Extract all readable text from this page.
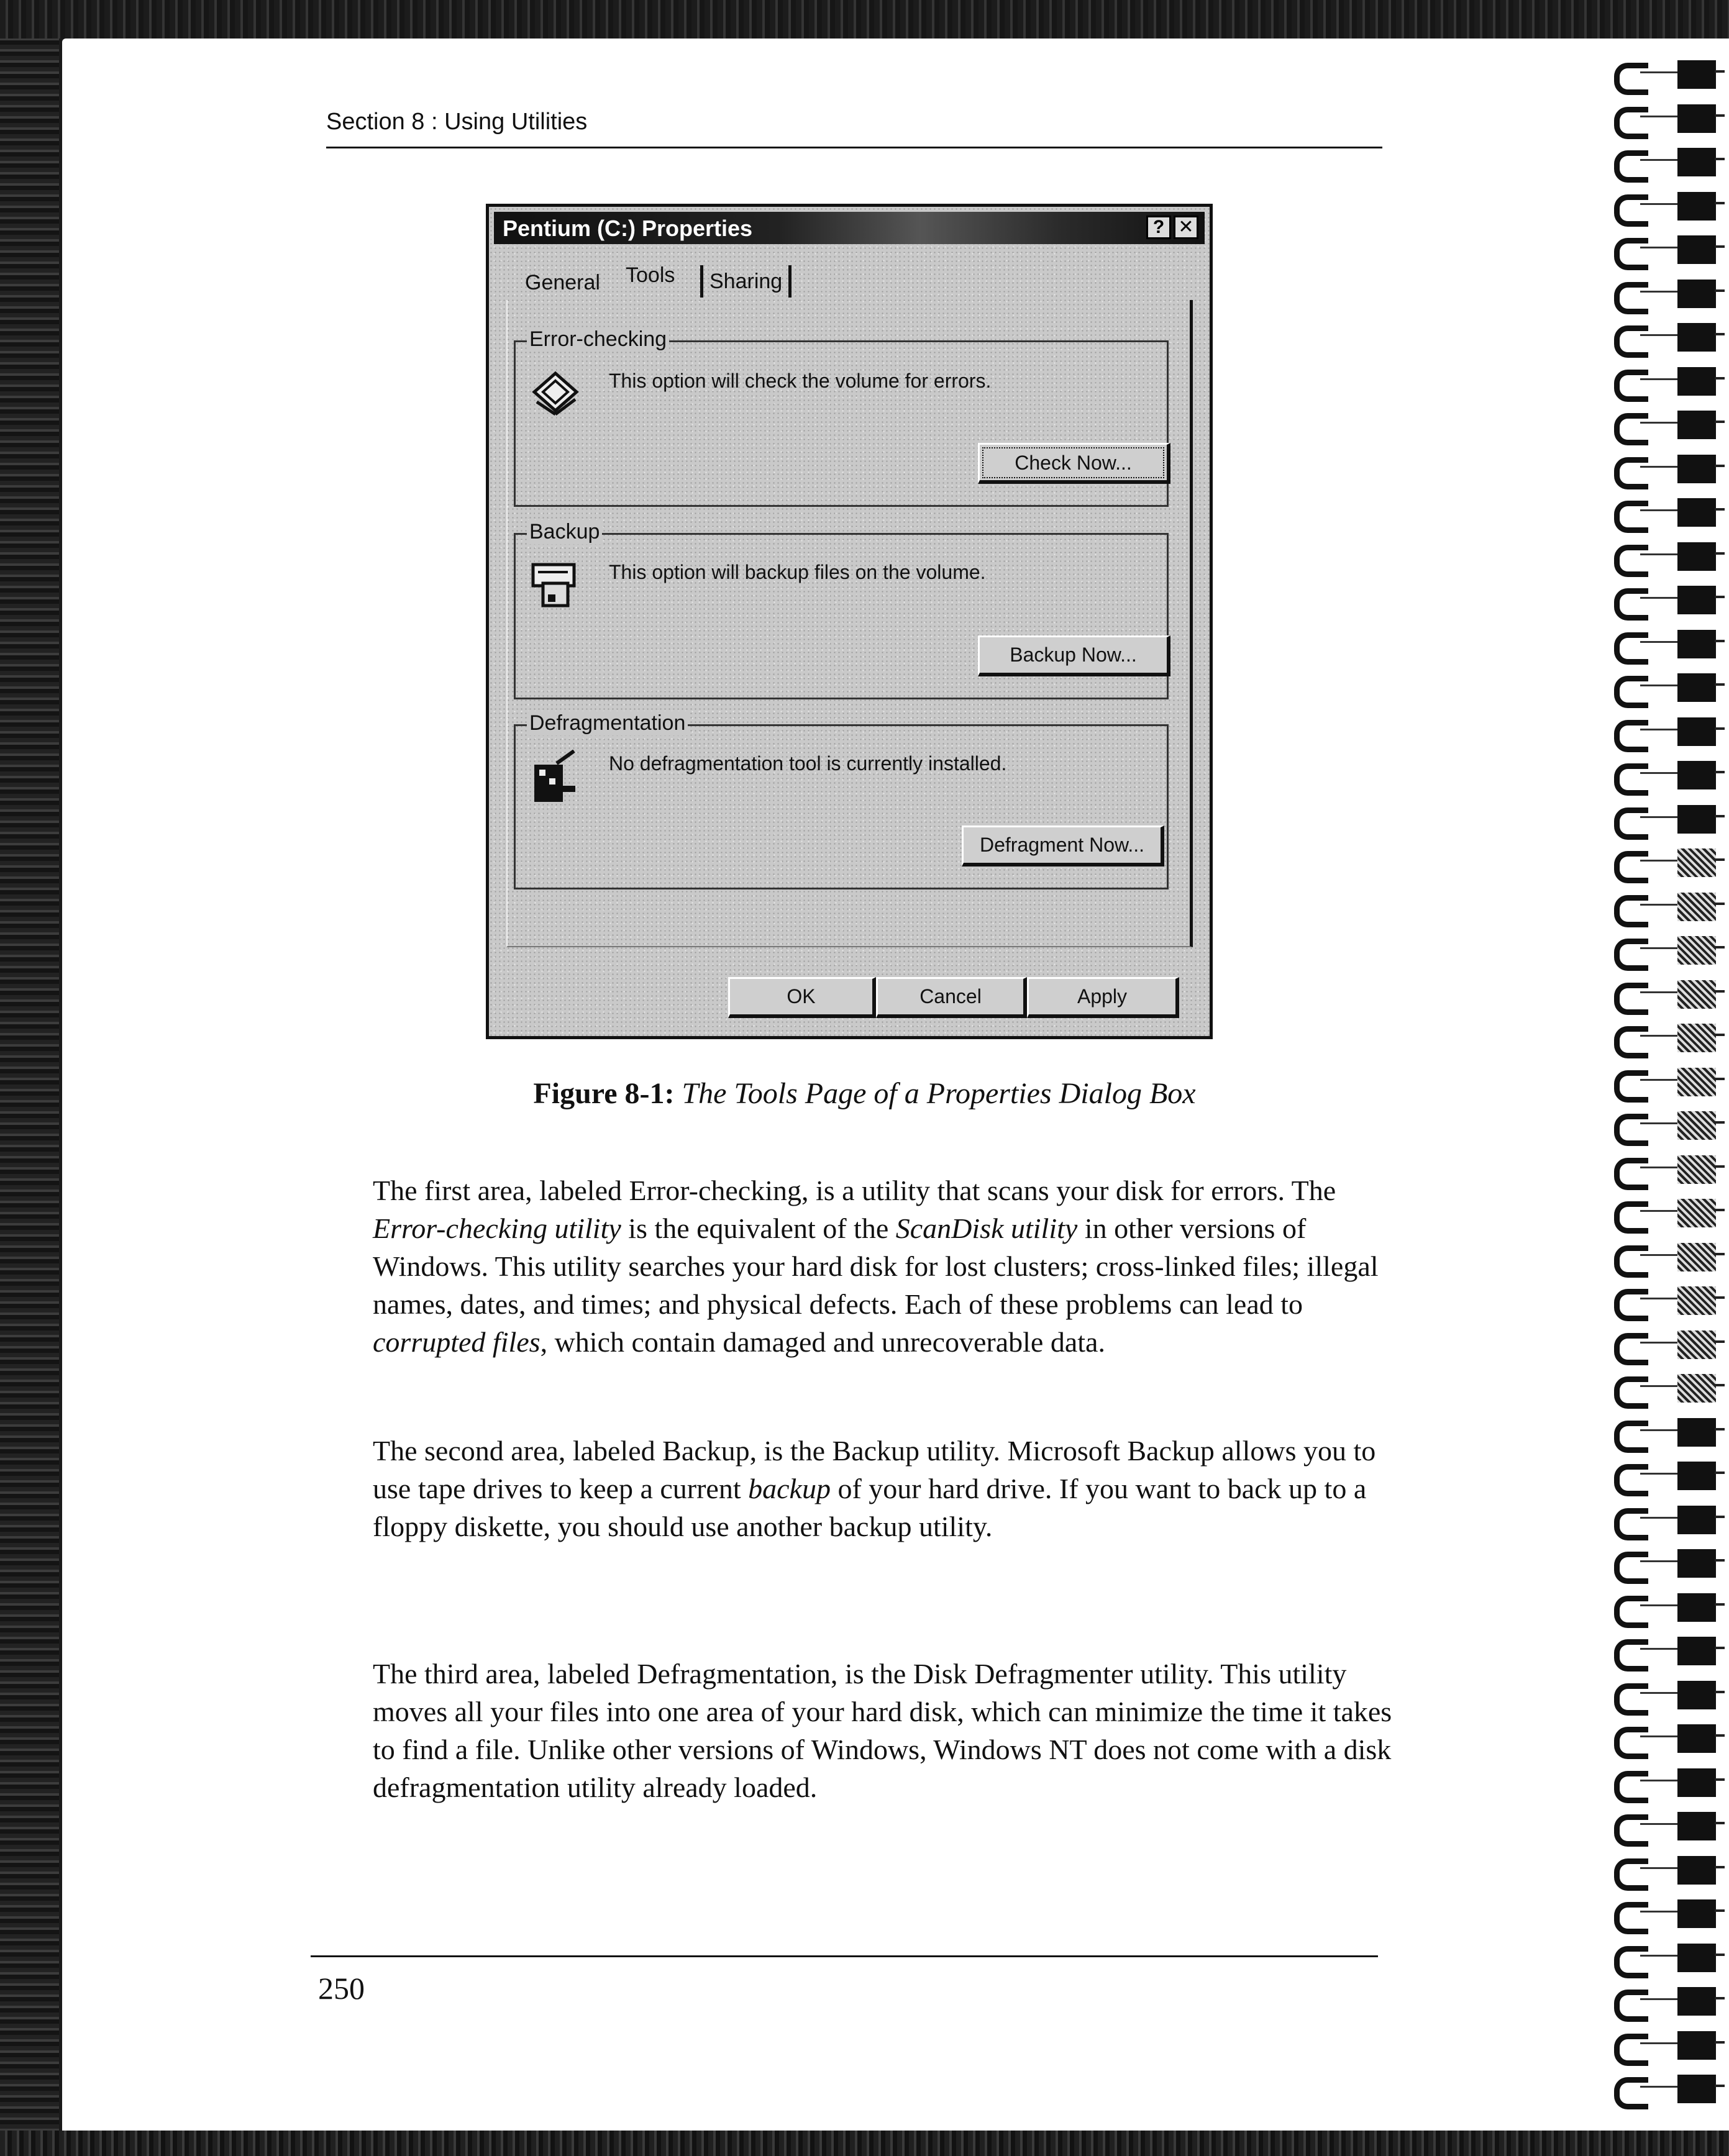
Section 8 : Using Utilities
Pentium (C:) Properties	? ✕
General Tools	Sharing
Error-checking
This option will check the volume for errors.
Check Now...
Backup
This option will backup files on the volume.
Backup Now...
Defragmentation
No defragmentation tool is currently installed.
Defragment Now...
OK	Cancel	Apply
Figure 8-1: The Tools Page of a Properties Dialog Box

The first area, labeled Error-checking, is a utility that scans your disk for errors. The Error-checking utility is the equivalent of the ScanDisk utility in other versions of Windows. This utility searches your hard disk for lost clusters; cross-linked files; illegal names, dates, and times; and physical defects. Each of these problems can lead to corrupted files, which contain damaged and unrecoverable data.

The second area, labeled Backup, is the Backup utility. Microsoft Backup allows you to use tape drives to keep a current backup of your hard drive. If you want to back up to a floppy diskette, you should use another backup utility.

The third area, labeled Defragmentation, is the Disk Defragmenter utility. This utility moves all your files into one area of your hard disk, which can minimize the time it takes to find a file. Unlike other versions of Windows, Windows NT does not come with a disk defragmentation utility already loaded.

250
